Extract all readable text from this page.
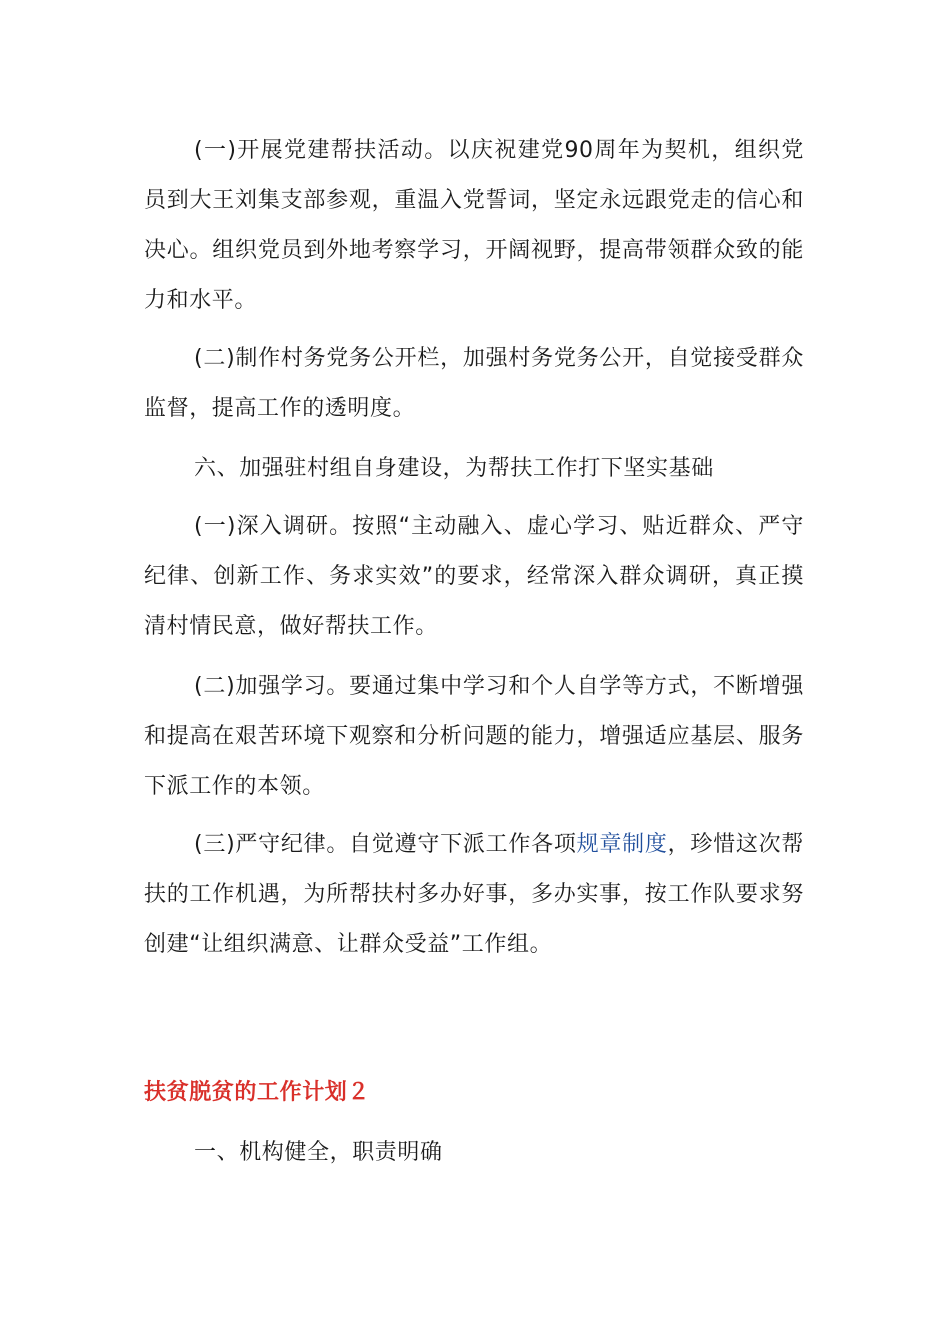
(一)开展党建帮扶活动。以庆祝建党90周年为契机，组织党员到大王刘集支部参观，重温入党誓词，坚定永远跟党走的信心和决心。组织党员到外地考察学习，开阔视野，提高带领群众致的能力和水平。

(二)制作村务党务公开栏，加强村务党务公开，自觉接受群众监督，提高工作的透明度。

六、加强驻村组自身建设，为帮扶工作打下坚实基础

(一)深入调研。按照“主动融入、虚心学习、贴近群众、严守纪律、创新工作、务求实效”的要求，经常深入群众调研，真正摸清村情民意，做好帮扶工作。

(二)加强学习。要通过集中学习和个人自学等方式，不断增强和提高在艰苦环境下观察和分析问题的能力，增强适应基层、服务下派工作的本领。

(三)严守纪律。自觉遵守下派工作各项规章制度，珍惜这次帮扶的工作机遇，为所帮扶村多办好事，多办实事，按工作队要求努创建“让组织满意、让群众受益”工作组。

扶贫脱贫的工作计划２

一、机构健全，职责明确
